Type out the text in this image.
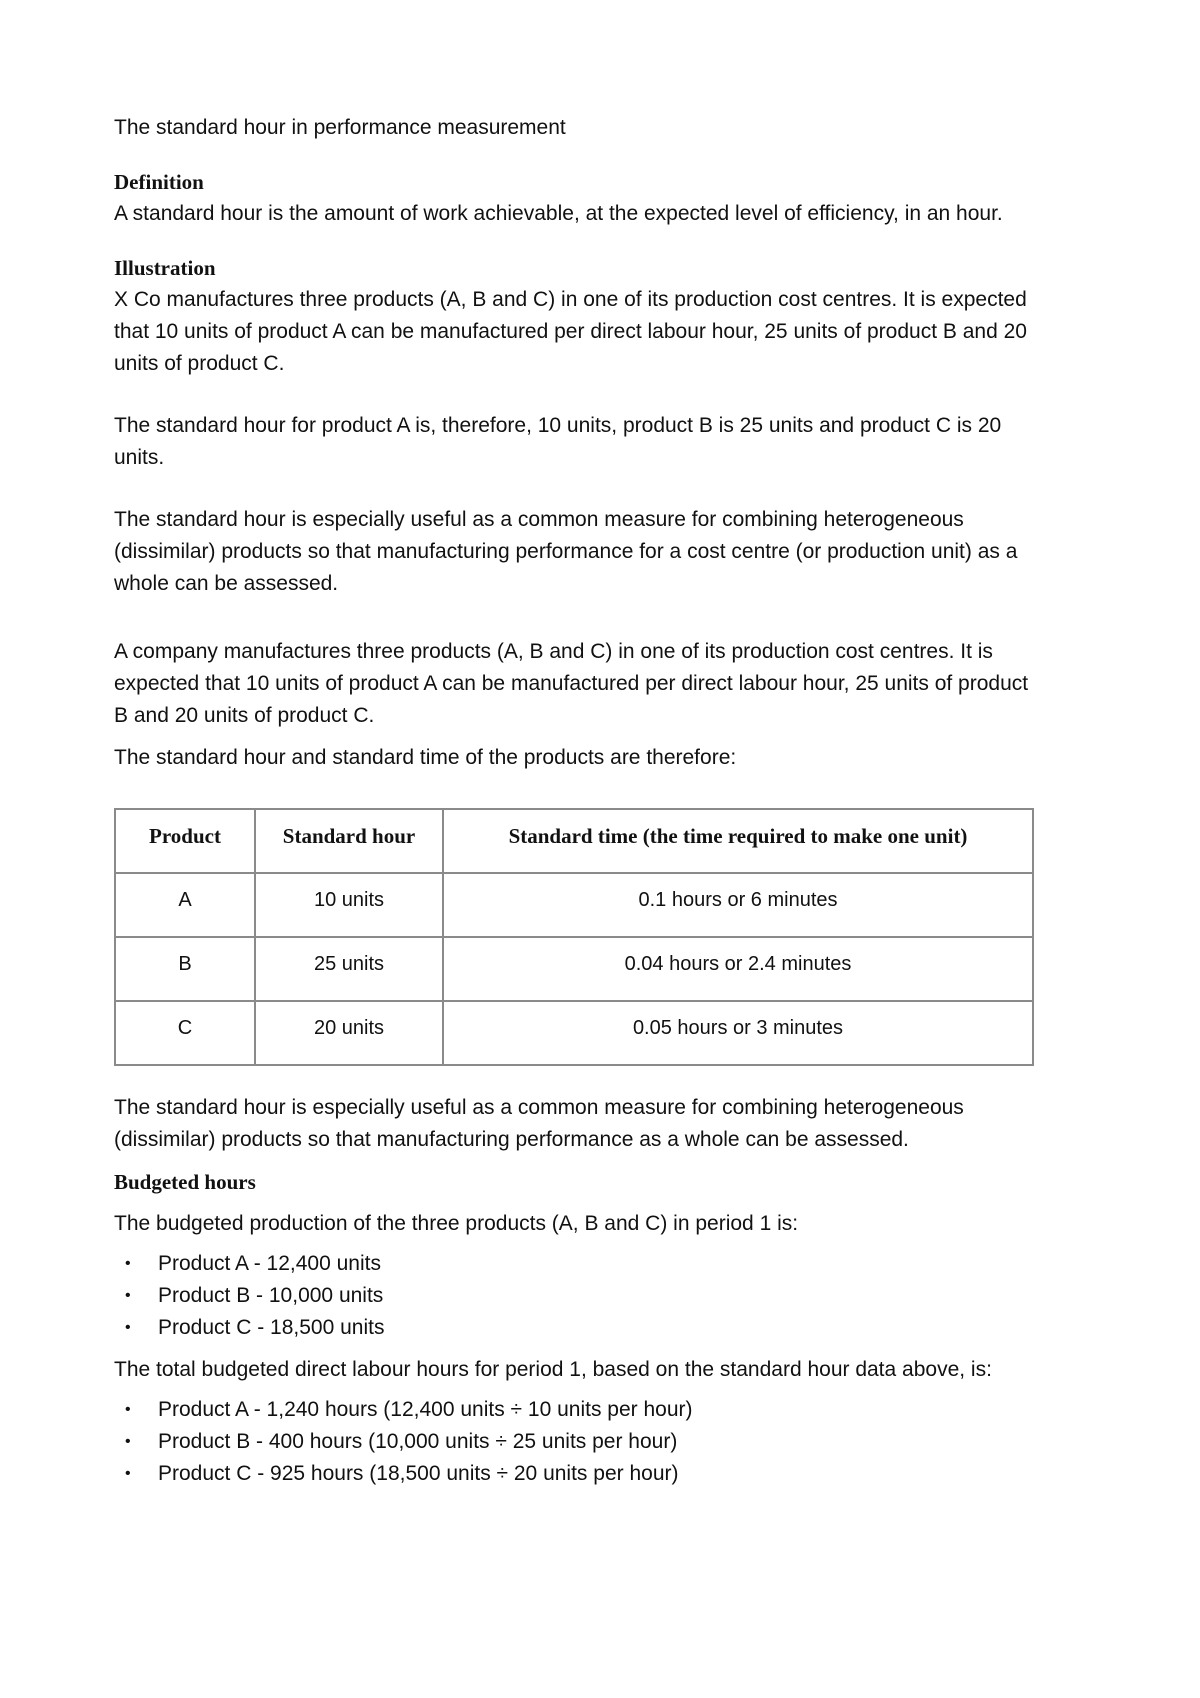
The standard hour in performance measurement

Definition

A standard hour is the amount of work achievable, at the expected level of efficiency, in an hour.

Illustration

X Co manufactures three products (A, B and C) in one of its production cost centres. It is expected

that 10 units of product A can be manufactured per direct labour hour, 25 units of product B and 20

units of product C.

The standard hour for product A is, therefore, 10 units, product B is 25 units and product C is 20

units.

The standard hour is especially useful as a common measure for combining heterogeneous

(dissimilar) products so that manufacturing performance for a cost centre (or production unit) as a

whole can be assessed.

A company manufactures three products (A, B and C) in one of its production cost centres. It is

expected that 10 units of product A can be manufactured per direct labour hour, 25 units of product

B and 20 units of product C.

The standard hour and standard time of the products are therefore:

Product	Standard hour	Standard time (the time required to make one unit)
A	10 units	0.1 hours or 6 minutes
B	25 units	0.04 hours or 2.4 minutes
C	20 units	0.05 hours or 3 minutes

The standard hour is especially useful as a common measure for combining heterogeneous

(dissimilar) products so that manufacturing performance as a whole can be assessed.

Budgeted hours

The budgeted production of the three products (A, B and C) in period 1 is:

• Product A - 12,400 units
• Product B - 10,000 units
• Product C - 18,500 units

The total budgeted direct labour hours for period 1, based on the standard hour data above, is:

• Product A - 1,240 hours (12,400 units ÷ 10 units per hour)
• Product B - 400 hours (10,000 units ÷ 25 units per hour)
• Product C - 925 hours (18,500 units ÷ 20 units per hour)
